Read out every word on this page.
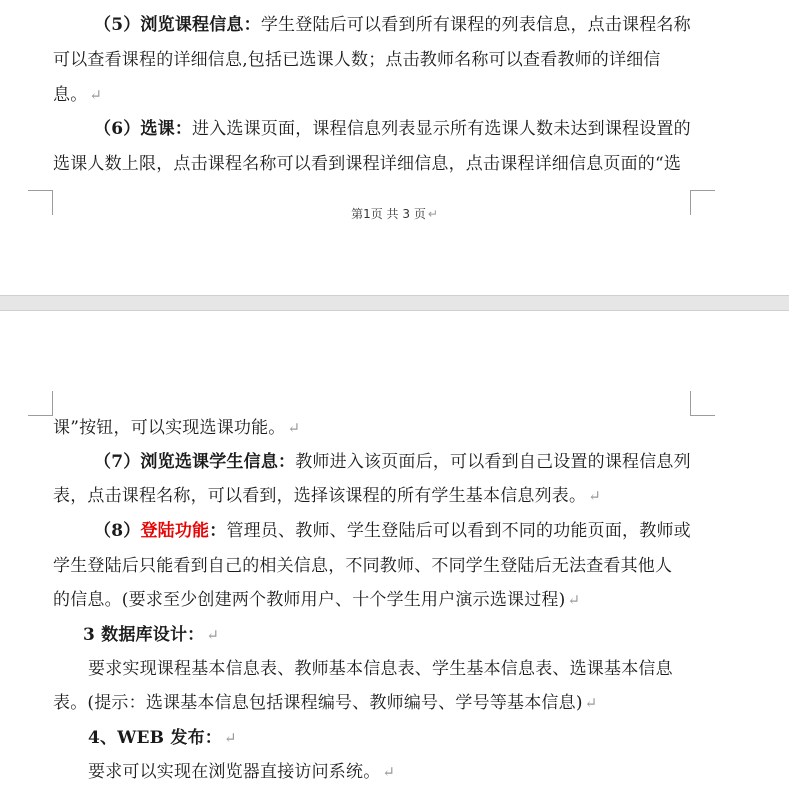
（5）浏览课程信息：学生登陆后可以看到所有课程的列表信息，点击课程名称
可以查看课程的详细信息,包括已选课人数；点击教师名称可以查看教师的详细信
息。 ↵
（6）选课：进入选课页面，课程信息列表显示所有选课人数未达到课程设置的
选课人数上限，点击课程名称可以看到课程详细信息，点击课程详细信息页面的“选
第1页 共 3 页 ↵
课”按钮，可以实现选课功能。 ↵
（7）浏览选课学生信息：教师进入该页面后，可以看到自己设置的课程信息列
表，点击课程名称，可以看到，选择该课程的所有学生基本信息列表。 ↵
（8）登陆功能：管理员、教师、学生登陆后可以看到不同的功能页面，教师或
学生登陆后只能看到自己的相关信息，不同教师、不同学生登陆后无法查看其他人
的信息。(要求至少创建两个教师用户、十个学生用户演示选课过程) ↵
3 数据库设计： ↵
要求实现课程基本信息表、教师基本信息表、学生基本信息表、选课基本信息
表。(提示：选课基本信息包括课程编号、教师编号、学号等基本信息) ↵
4、WEB 发布： ↵
要求可以实现在浏览器直接访问系统。 ↵
